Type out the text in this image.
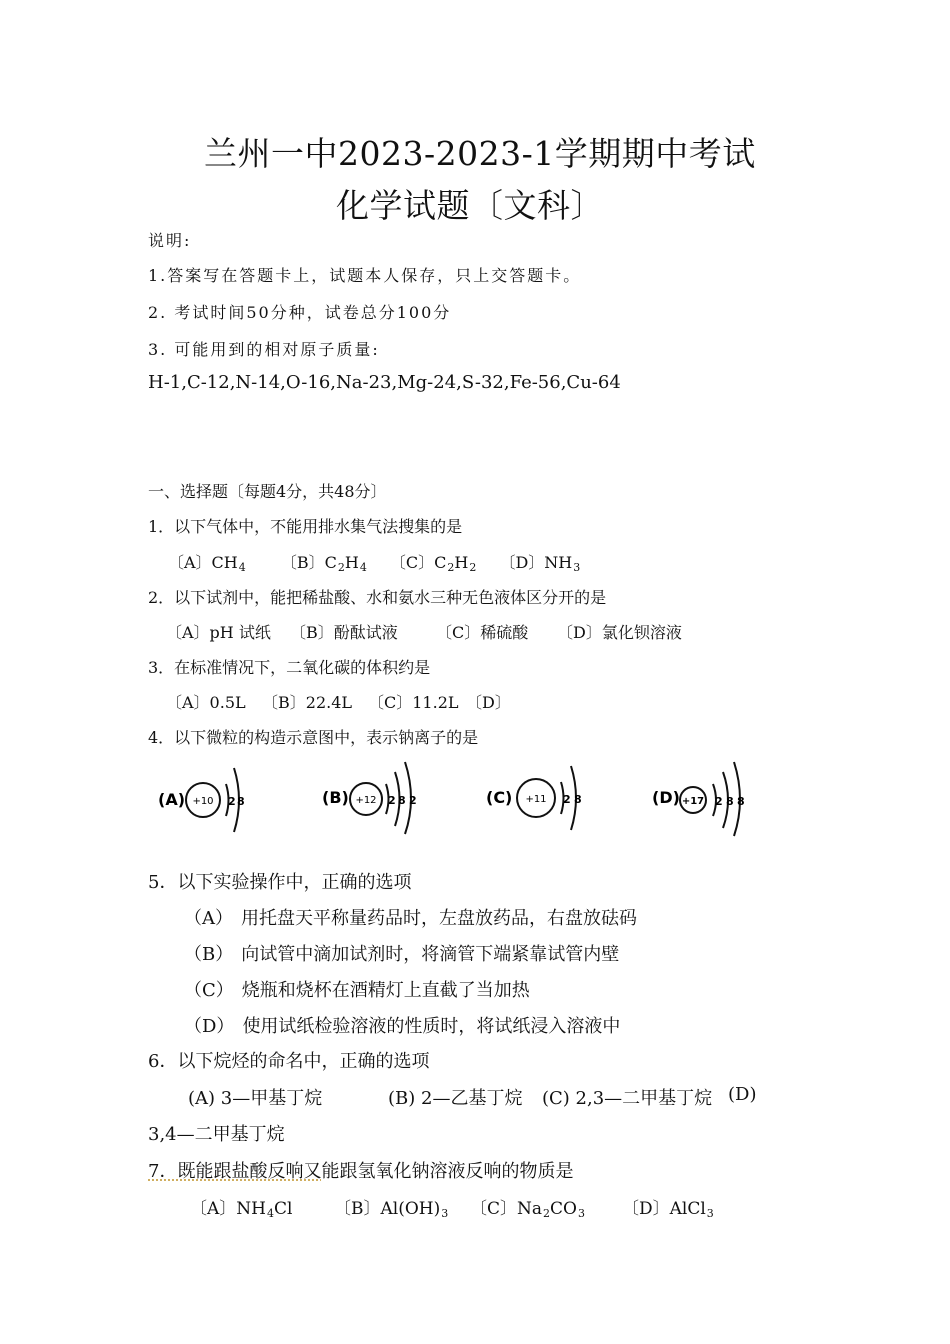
兰州一中2023-2023-1学期期中考试
化学试题〔文科〕
说明:
1.答案写在答题卡上，试题本人保存，只上交答题卡。
2. 考试时间50分种，试卷总分100分
3. 可能用到的相对原子质量:
H-1,C-12,N-14,O-16,Na-23,Mg-24,S-32,Fe-56,Cu-64
一、选择题〔每题4分，共48分〕
1．以下气体中，不能用排水集气法搜集的是
〔A〕CH4 〔B〕C2H4 〔C〕C2H2 〔D〕NH3
2．以下试剂中，能把稀盐酸、水和氨水三种无色液体区分开的是
〔A〕pH 试纸 〔B〕酚酞试液 〔C〕稀硫酸 〔D〕氯化钡溶液
3．在标准情况下，二氧化碳的体积约是
〔A〕0.5L 〔B〕22.4L 〔C〕11.2L 〔D〕
4．以下微粒的构造示意图中，表示钠离子的是
(A) +10 2 8	(B) +12 2 8 2	(C) +11 2 8	(D) +17 2 8 8
5．以下实验操作中，正确的选项
（A） 用托盘天平称量药品时，左盘放药品，右盘放砝码
（B） 向试管中滴加试剂时，将滴管下端紧靠试管内壁
（C） 烧瓶和烧杯在酒精灯上直截了当加热
（D） 使用试纸检验溶液的性质时，将试纸浸入溶液中
6．以下烷烃的命名中，正确的选项
(A) 3—甲基丁烷	(B) 2—乙基丁烷 (C) 2,3—二甲基丁烷 (D)
3,4—二甲基丁烷
7．既能跟盐酸反响又能跟氢氧化钠溶液反响的物质是
〔A〕NH4Cl 〔B〕Al(OH)3 〔C〕Na2CO3 〔D〕AlCl3
